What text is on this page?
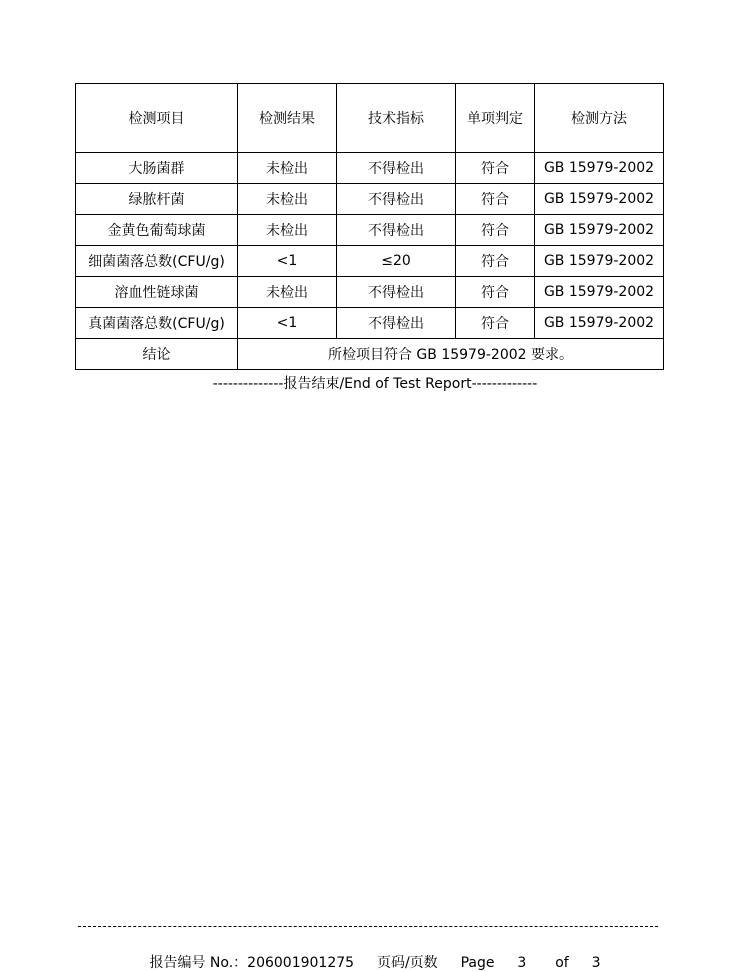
检测项目	检测结果	技术指标	单项判定	检测方法
大肠菌群	未检出	不得检出	符合	GB 15979-2002
绿脓杆菌	未检出	不得检出	符合	GB 15979-2002
金黄色葡萄球菌	未检出	不得检出	符合	GB 15979-2002
细菌菌落总数(CFU/g)	<1	≤20	符合	GB 15979-2002
溶血性链球菌	未检出	不得检出	符合	GB 15979-2002
真菌菌落总数(CFU/g)	<1	不得检出	符合	GB 15979-2002
结论	所检项目符合 GB 15979-2002 要求。			
--------------报告结束/End of Test Report-------------
报告编号 No.：206001901275 页码/页数 Page 3 of 3
